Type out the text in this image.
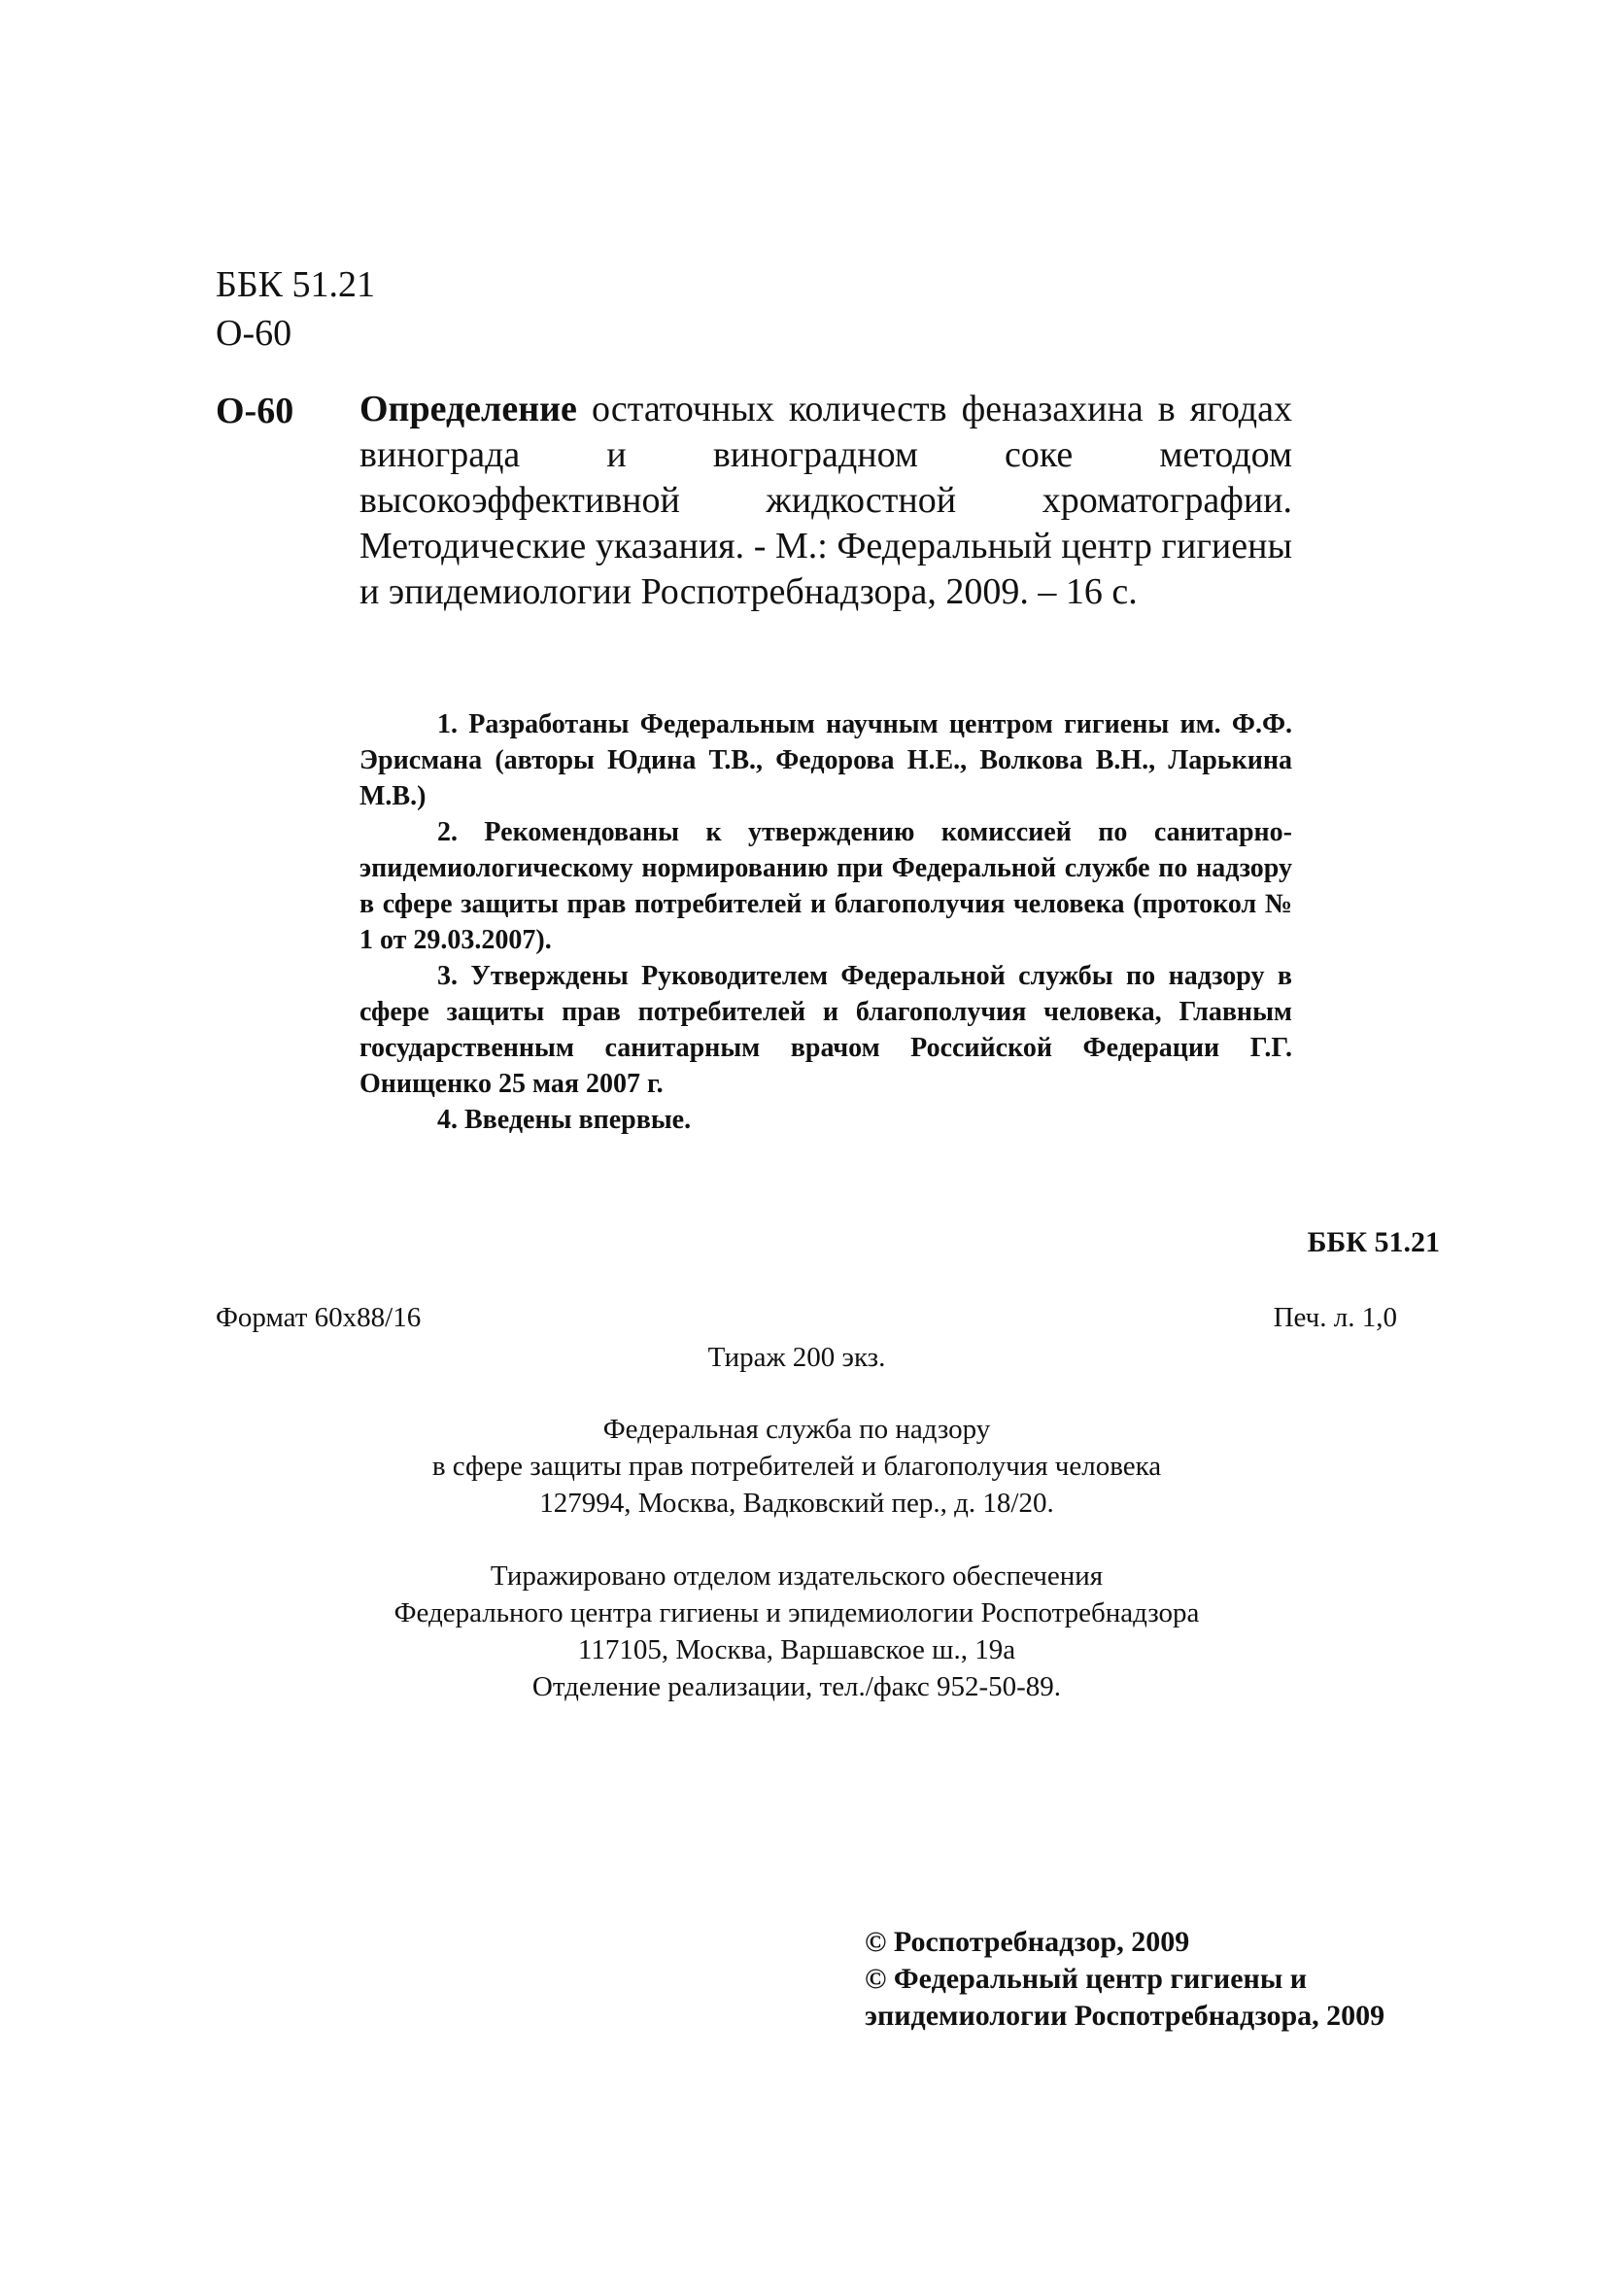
ББК 51.21
О-60
О-60 Определение остаточных количеств феназахина в ягодах винограда и виноградном соке методом высокоэффективной жидкостной хроматографии. Методические указания. - М.: Федеральный центр гигиены и эпидемиологии Роспотребнадзора, 2009. – 16 с.

1. Разработаны Федеральным научным центром гигиены им. Ф.Ф. Эрисмана (авторы Юдина Т.В., Федорова Н.Е., Волкова В.Н., Ларькина М.В.)

2. Рекомендованы к утверждению комиссией по санитарно-эпидемиологическому нормированию при Федеральной службе по надзору в сфере защиты прав потребителей и благополучия человека (протокол № 1 от 29.03.2007).

3. Утверждены Руководителем Федеральной службы по надзору в сфере защиты прав потребителей и благополучия человека, Главным государственным санитарным врачом Российской Федерации Г.Г. Онищенко 25 мая 2007 г.

4. Введены впервые.

ББК 51.21
Формат 60х88/16	Печ. л. 1,0
Тираж 200 экз.
Федеральная служба по надзору
в сфере защиты прав потребителей и благополучия человека
127994, Москва, Вадковский пер., д. 18/20.
Тиражировано отделом издательского обеспечения
Федерального центра гигиены и эпидемиологии Роспотребнадзора
117105, Москва, Варшавское ш., 19а
Отделение реализации, тел./факс 952-50-89.
© Роспотребнадзор, 2009
© Федеральный центр гигиены и
эпидемиологии Роспотребнадзора, 2009
